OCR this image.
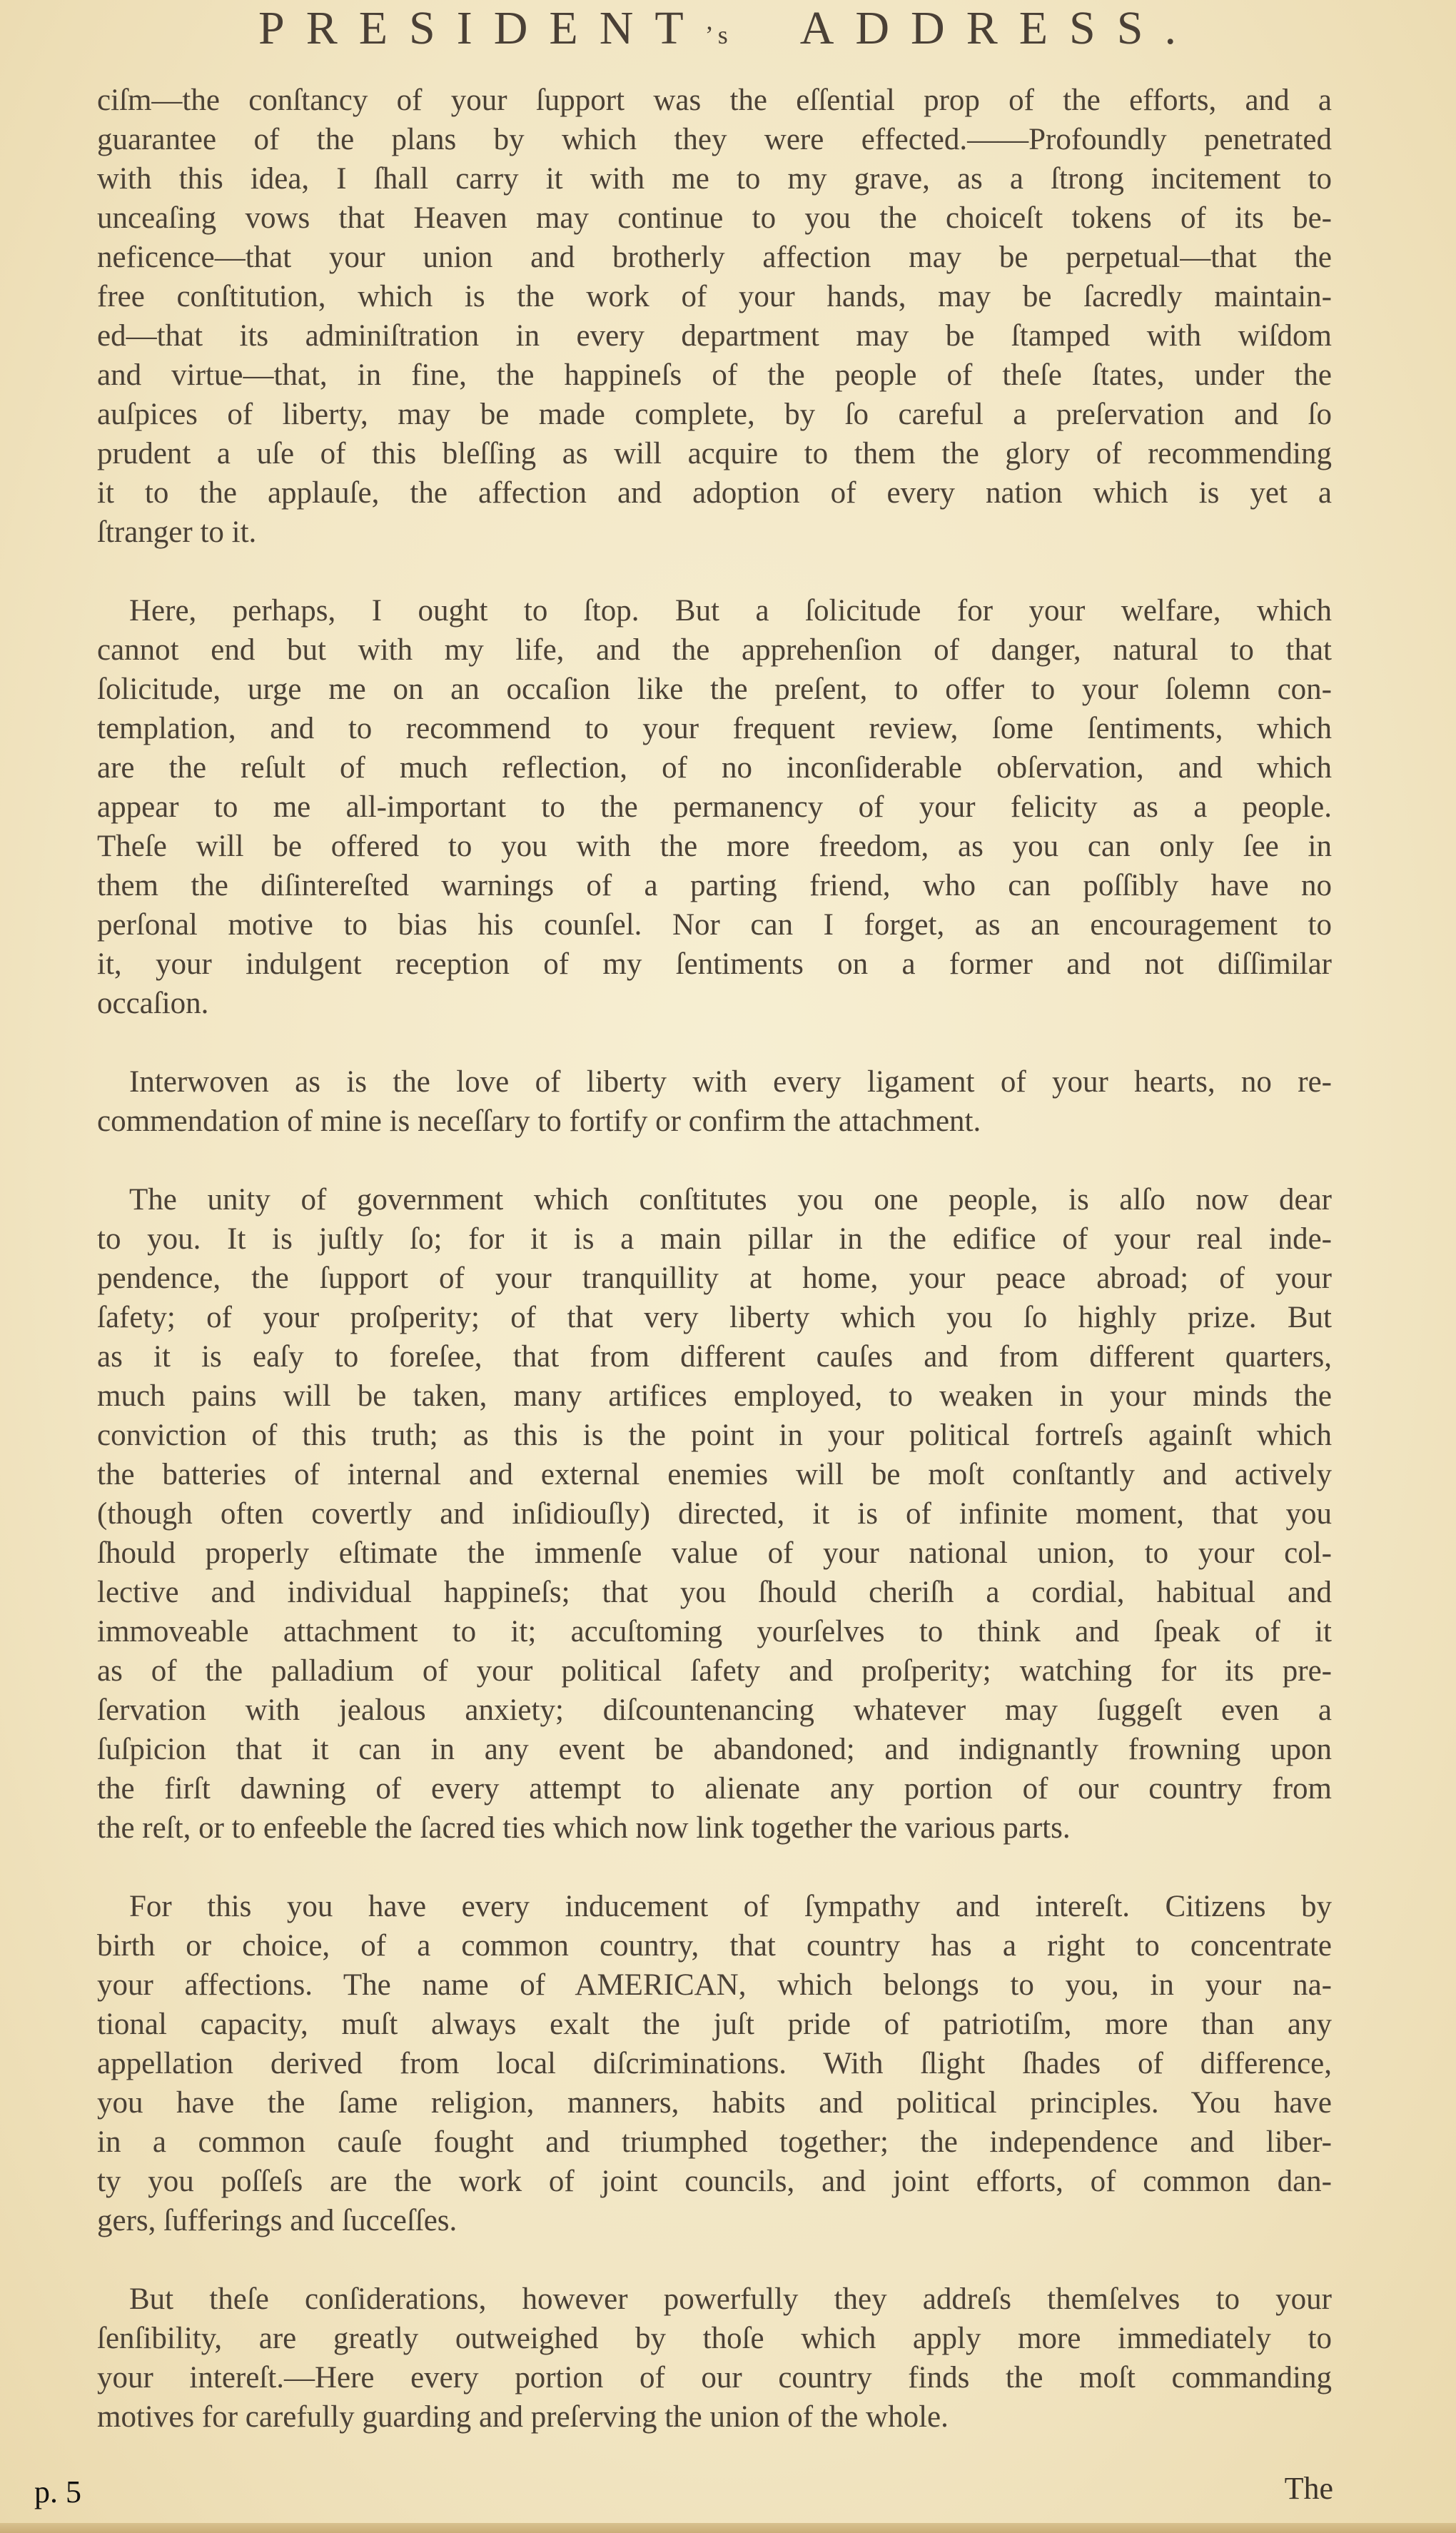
PRESIDENT’s ADDRESS.
ciſm—the conſtancy of your ſupport was the eſſential prop of the efforts, and a
guarantee of the plans by which they were effected.——Profoundly penetrated
with this idea, I ſhall carry it with me to my grave, as a ſtrong incitement to
unceaſing vows that Heaven may continue to you the choiceſt tokens of its be-
neficence—that your union and brotherly affection may be perpetual—that the
free conſtitution, which is the work of your hands, may be ſacredly maintain-
ed—that its adminiſtration in every department may be ſtamped with wiſdom
and virtue—that, in fine, the happineſs of the people of theſe ſtates, under the
auſpices of liberty, may be made complete, by ſo careful a preſervation and ſo
prudent a uſe of this bleſſing as will acquire to them the glory of recommending
it to the applauſe, the affection and adoption of every nation which is yet a
ſtranger to it.
Here, perhaps, I ought to ſtop. But a ſolicitude for your welfare, which
cannot end but with my life, and the apprehenſion of danger, natural to that
ſolicitude, urge me on an occaſion like the preſent, to offer to your ſolemn con-
templation, and to recommend to your frequent review, ſome ſentiments, which
are the reſult of much reflection, of no inconſiderable obſervation, and which
appear to me all-important to the permanency of your felicity as a people.
Theſe will be offered to you with the more freedom, as you can only ſee in
them the diſintereſted warnings of a parting friend, who can poſſibly have no
perſonal motive to bias his counſel. Nor can I forget, as an encouragement to
it, your indulgent reception of my ſentiments on a former and not diſſimilar
occaſion.
Interwoven as is the love of liberty with every ligament of your hearts, no re-
commendation of mine is neceſſary to fortify or confirm the attachment.
The unity of government which conſtitutes you one people, is alſo now dear
to you. It is juſtly ſo; for it is a main pillar in the edifice of your real inde-
pendence, the ſupport of your tranquillity at home, your peace abroad; of your
ſafety; of your proſperity; of that very liberty which you ſo highly prize. But
as it is eaſy to foreſee, that from different cauſes and from different quarters,
much pains will be taken, many artifices employed, to weaken in your minds the
conviction of this truth; as this is the point in your political fortreſs againſt which
the batteries of internal and external enemies will be moſt conſtantly and actively
(though often covertly and inſidiouſly) directed, it is of infinite moment, that you
ſhould properly eſtimate the immenſe value of your national union, to your col-
lective and individual happineſs; that you ſhould cheriſh a cordial, habitual and
immoveable attachment to it; accuſtoming yourſelves to think and ſpeak of it
as of the palladium of your political ſafety and proſperity; watching for its pre-
ſervation with jealous anxiety; diſcountenancing whatever may ſuggeſt even a
ſuſpicion that it can in any event be abandoned; and indignantly frowning upon
the firſt dawning of every attempt to alienate any portion of our country from
the reſt, or to enfeeble the ſacred ties which now link together the various parts.
For this you have every inducement of ſympathy and intereſt. Citizens by
birth or choice, of a common country, that country has a right to concentrate
your affections. The name of AMERICAN, which belongs to you, in your na-
tional capacity, muſt always exalt the juſt pride of patriotiſm, more than any
appellation derived from local diſcriminations. With ſlight ſhades of difference,
you have the ſame religion, manners, habits and political principles. You have
in a common cauſe fought and triumphed together; the independence and liber-
ty you poſſeſs are the work of joint councils, and joint efforts, of common dan-
gers, ſufferings and ſucceſſes.
But theſe conſiderations, however powerfully they addreſs themſelves to your
ſenſibility, are greatly outweighed by thoſe which apply more immediately to
your intereſt.—Here every portion of our country finds the moſt commanding
motives for carefully guarding and preſerving the union of the whole.
The
p. 5
